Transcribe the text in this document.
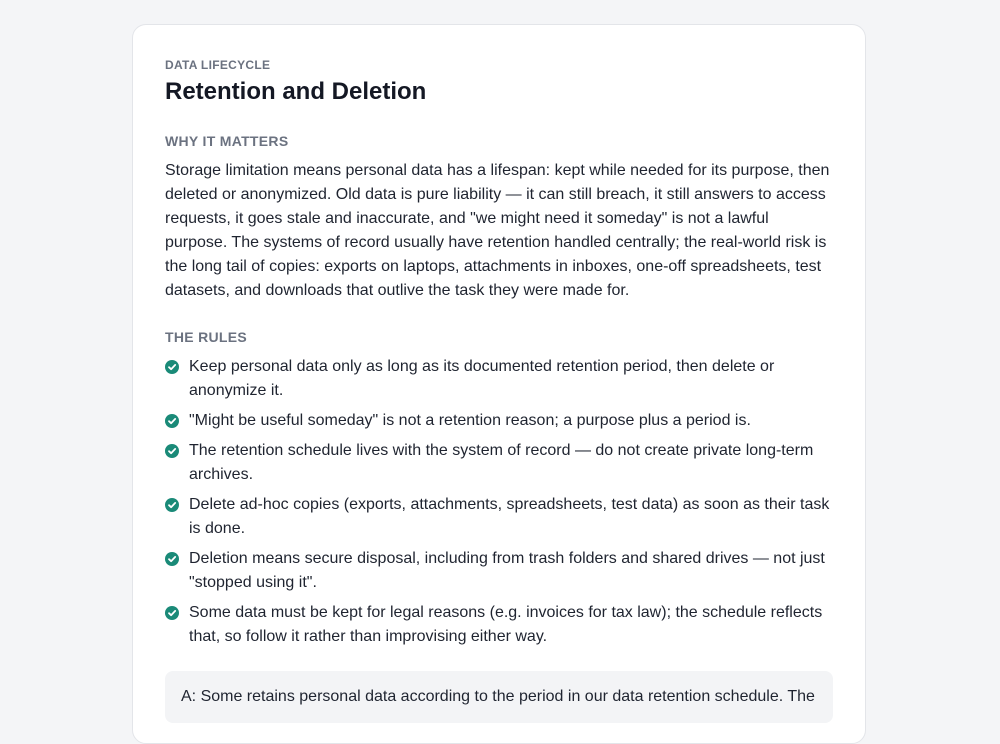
DATA LIFECYCLE
Retention and Deletion
WHY IT MATTERS

Storage limitation means personal data has a lifespan: kept while needed for its purpose, then deleted or anonymized. Old data is pure liability — it can still breach, it still answers to access requests, it goes stale and inaccurate, and "we might need it someday" is not a lawful purpose. The systems of record usually have retention handled centrally; the real-world risk is the long tail of copies: exports on laptops, attachments in inboxes, one-off spreadsheets, test datasets, and downloads that outlive the task they were made for.

THE RULES
Keep personal data only as long as its documented retention period, then delete or anonymize it.
"Might be useful someday" is not a retention reason; a purpose plus a period is.
The retention schedule lives with the system of record — do not create private long-term archives.
Delete ad-hoc copies (exports, attachments, spreadsheets, test data) as soon as their task is done.
Deletion means secure disposal, including from trash folders and shared drives — not just "stopped using it".
Some data must be kept for legal reasons (e.g. invoices for tax law); the schedule reflects that, so follow it rather than improvising either way.
A: Some retains personal data according to the period in our data retention schedule. The
